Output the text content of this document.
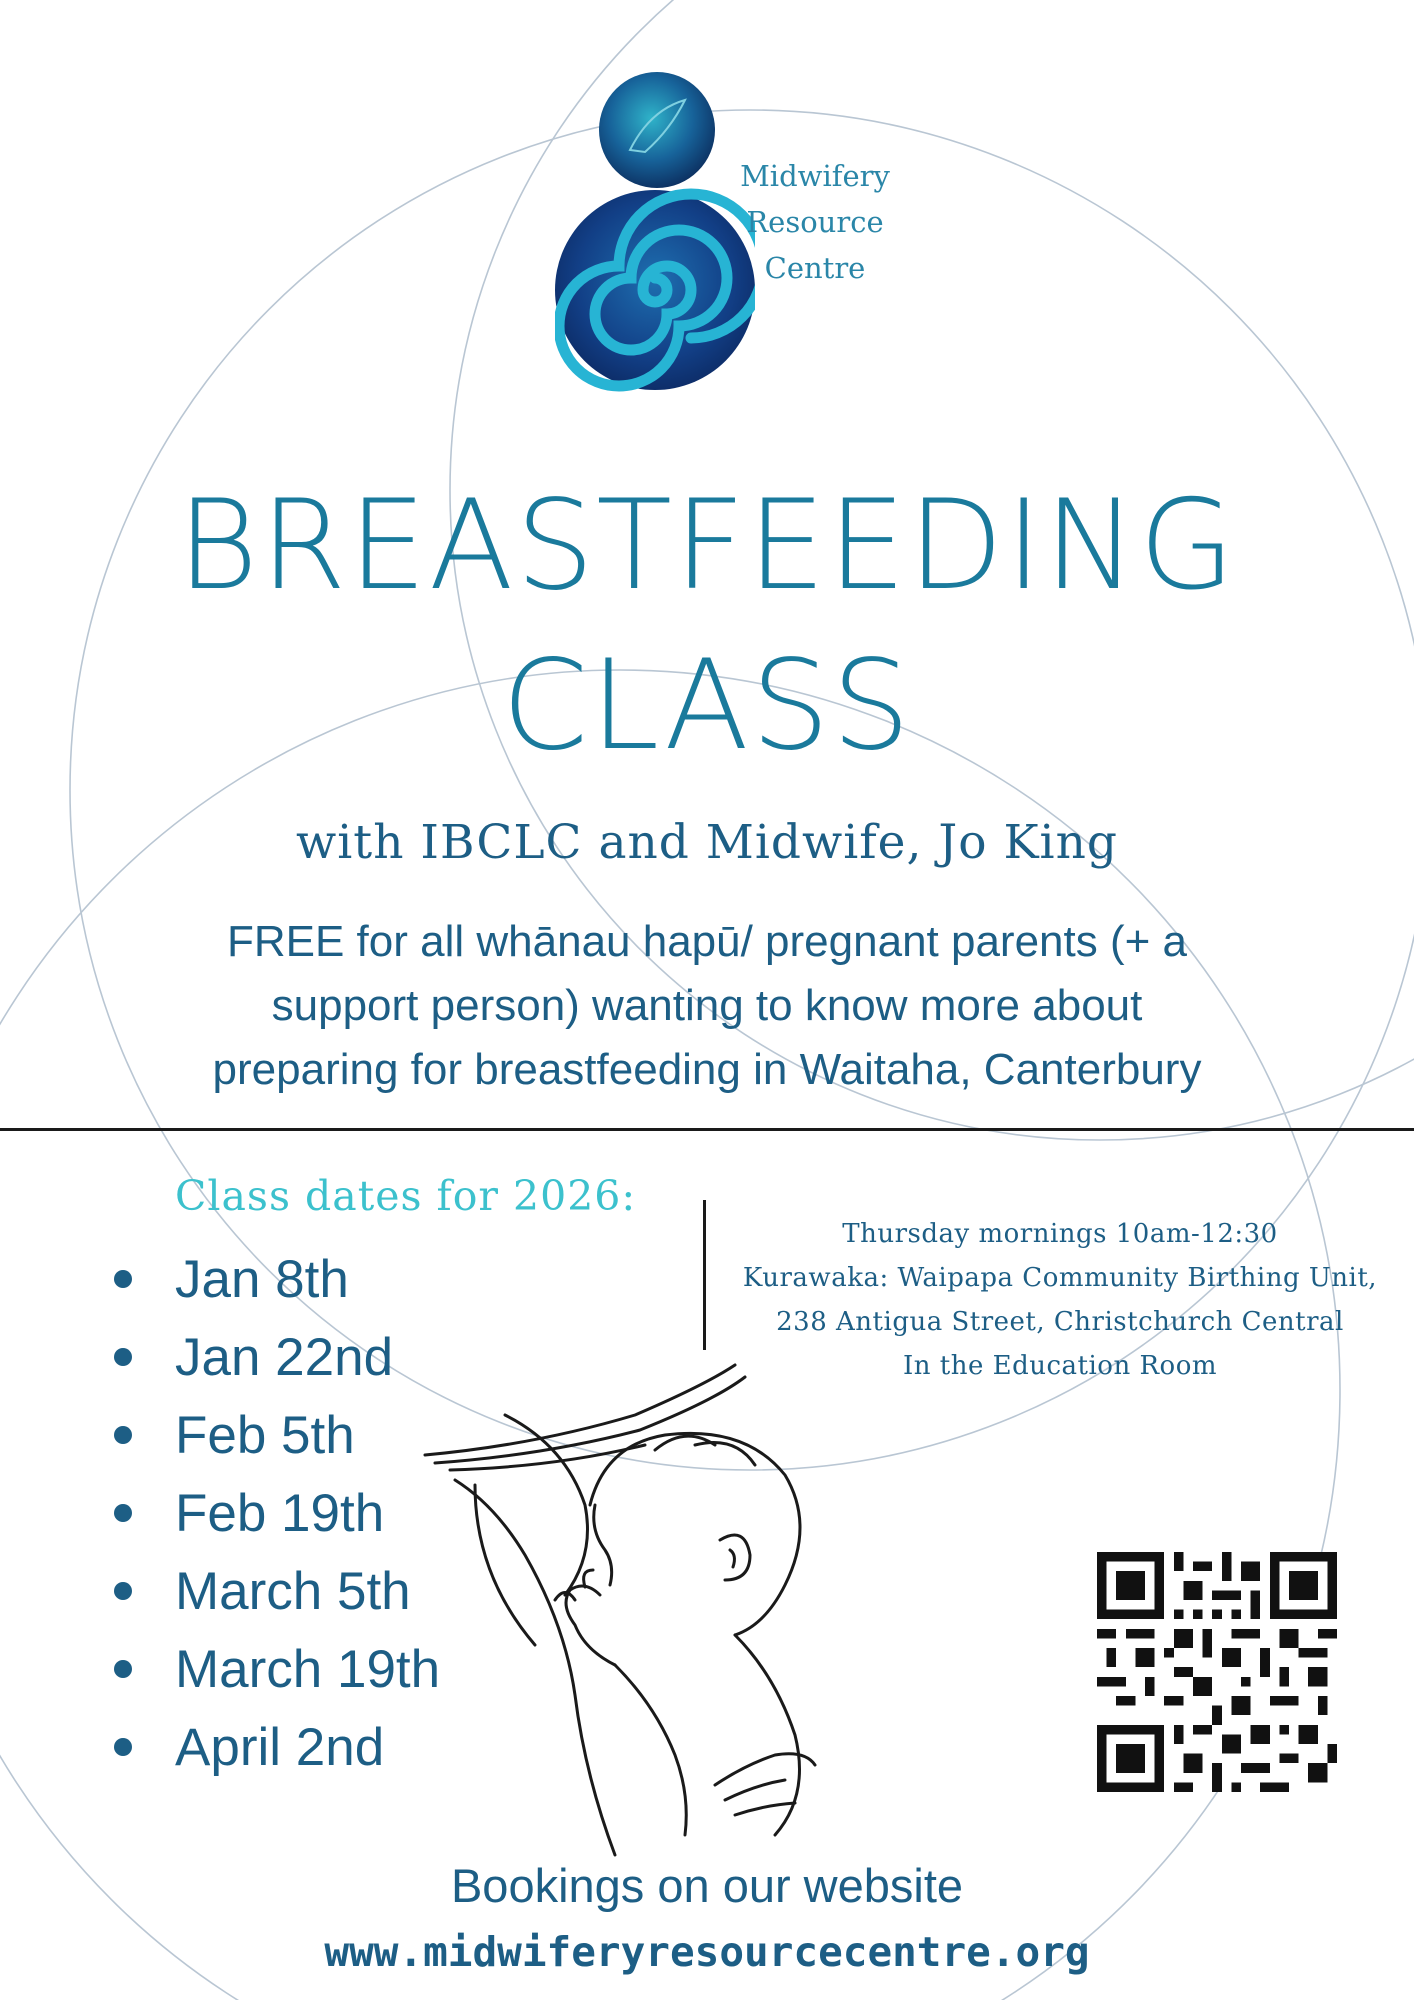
Midwifery
Resource
Centre
BREASTFEEDING
CLASS
with IBCLC and Midwife, Jo King
FREE for all whānau hapū/ pregnant parents (+ a
support person) wanting to know more about
preparing for breastfeeding in Waitaha, Canterbury
Class dates for 2026:
Jan 8th
Jan 22nd
Feb 5th
Feb 19th
March 5th
March 19th
April 2nd
Thursday mornings 10am-12:30
Kurawaka: Waipapa Community Birthing Unit,
238 Antigua Street, Christchurch Central
In the Education Room
Bookings on our website
www.midwiferyresourcecentre.org
